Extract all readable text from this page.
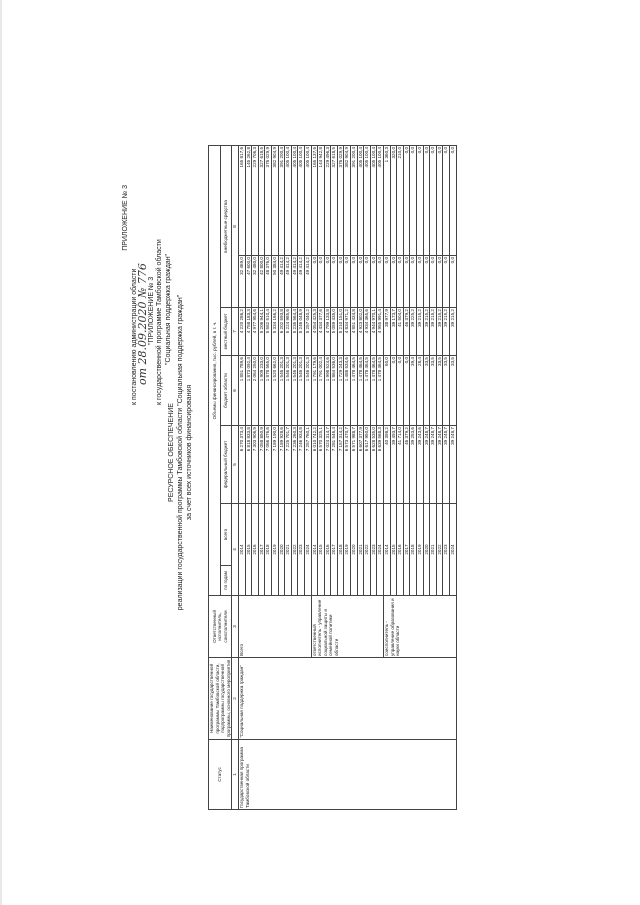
ПРИЛОЖЕНИЕ № 3
к постановлению администрации области
от 28.09.2020 № 776
"ПРИЛОЖЕНИЕ № 3 к государственной программе Тамбовской области "Социальная поддержка граждан"
РЕСУРСНОЕ ОБЕСПЕЧЕНИЕ реализации государственной программы Тамбовской области "Социальная поддержка граждан" за счет всех источников финансирования
Статус	Наименование государственной программы Тамбовской области, подпрограммы государственной программы, основного мероприятия	Ответственный исполнитель, соисполнители	Объемы финансирования, тыс. рублей, в т. ч.						
			по годам	всего	федеральный бюджет	бюджет области	местный бюджет	внебюджетные средства	
1	2	3	4		5	6	7	8	
Государственная программа Тамбовской области	"Социальная поддержка граждан"	Всего	2014		6 270 373,4	1 851 789,6	4 220 286,2	32 469,0	165 817,6
			2015		6 818 833,8	1 873 092,4	4 758 183,3	47 600,0	145 262,8
			2016		7 303 906,9	2 064 250,0	4 977 954,6	32 480,0	229 706,3
			2017		7 058 850,9	1 909 233,0	5 206 944,1	42 800,0	327 618,5
			2018		7 066 476,6	1 878 565,0	5 582 510,4	48 376,0	376 029,9
			2019		7 189 190,0	1 520 662,0	5 334 166,2	50 384,0	382 904,9
			2020		7 189 928,6	1 546 201,3	6 202 593,8	49 414,2	391 200,4
			2021		7 225 701,7	1 546 201,3	5 224 985,6	49 414,2	405 100,4
			2022		7 236 260,3	1 546 201,3	5 235 564,4	49 414,2	405 100,4
			2023		7 246 934,8	1 546 201,3	5 246 048,9	49 414,2	405 100,4
			2024		7 257 760,1	1 546 201,3	5 257 040,2	49 414,2	405 100,4
		ответственный исполнитель - управление социальной защиты и семейной политики области	2014		6 010 742,2	1 791 179,6	4 054 425,3	0,0	165 137,6
			2015		6 570 325,1	1 791 002,4	4 434 377,6	0,0	144 942,8
			2016		7 024 314,7	1 998 524,6	4 799 133,8	0,0	229 496,3
			2017		7 281 546,4	1 864 536,0	5 089 435,0	0,0	327 618,5
			2018		7 157 314,2	1 729 243,3	5 210 151,0	0,0	376 029,9
			2019		6 573 470,7	1 488 534,6	4 834 971,2	0,0	382 904,9
			2020		6 571 988,7	1 478 464,5	4 851 434,8	0,0	391 200,4
			2021		6 607 377,9	1 478 464,5	4 923 802,0	0,0	405 100,4
			2022		6 617 950,0	1 478 464,5	4 934 365,6	0,0	405 100,4
			2023		6 628 535,0	1 478 464,5	4 944 970,1	0,0	405 100,4
			2024		6 639 568,3	1 478 464,5	4 955 991,4	0,0	405 100,4
		соисполнитель - управление образования и науки области	2014		40 398,2	60,0	38 977,9	0,0	1 360,3
			2015		39 493,7	0,0	39 173,7	0,0	320,0
			2016		41 714,0	0,0	41 504,0	0,0	210,0
			2017		46 379,2	0,0	46 379,2	0,0	0,0
			2018		39 253,6	39,4	39 225,2	0,0	0,0
			2019		39 243,6	28,4	39 215,2	0,0	0,0
			2020		39 248,7	33,5	39 215,2	0,0	0,0
			2021		39 248,7	33,5	39 215,2	0,0	0,0
			2022		39 248,7	33,5	39 215,2	0,0	0,0
			2023		39 248,7	33,5	39 215,2	0,0	0,0
			2024		39 248,7	33,5	39 215,2	0,0	0,0
